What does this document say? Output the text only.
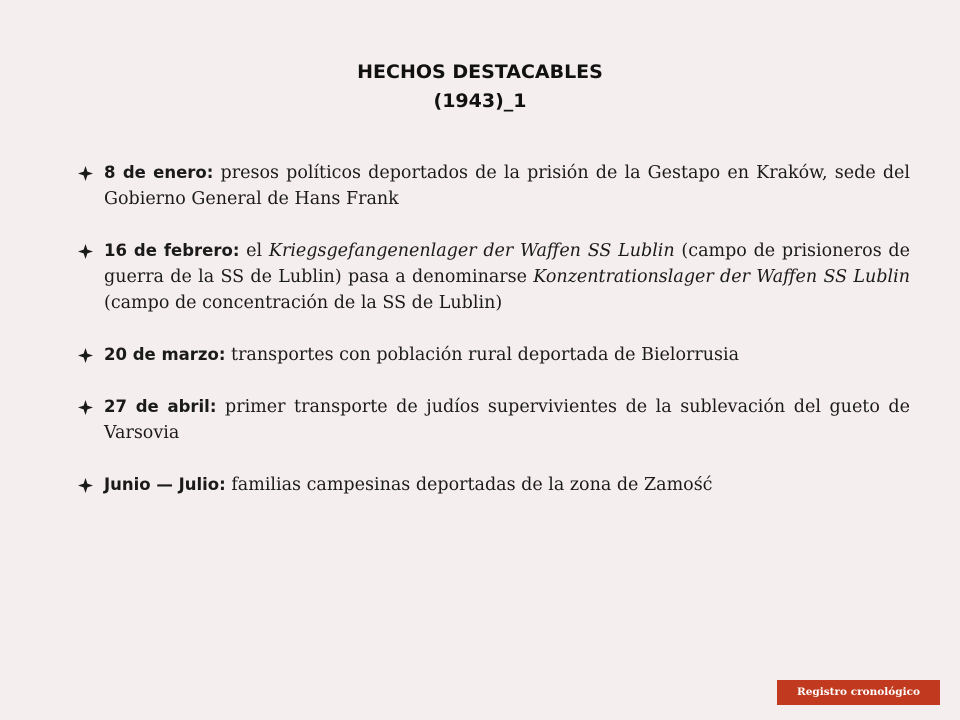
HECHOS DESTACABLES
(1943)_1
8 de enero: presos políticos deportados de la prisión de la Gestapo en Kraków, sede del Gobierno General de Hans Frank
16 de febrero: el Kriegsgefangenenlager der Waffen SS Lublin (campo de prisioneros de guerra de la SS de Lublin) pasa a denominarse Konzentrationslager der Waffen SS Lublin (campo de concentración de la SS de Lublin)
20 de marzo: transportes con población rural deportada de Bielorrusia
27 de abril: primer transporte de judíos supervivientes de la sublevación del gueto de Varsovia
Junio — Julio: familias campesinas deportadas de la zona de Zamość
Registro cronológico
